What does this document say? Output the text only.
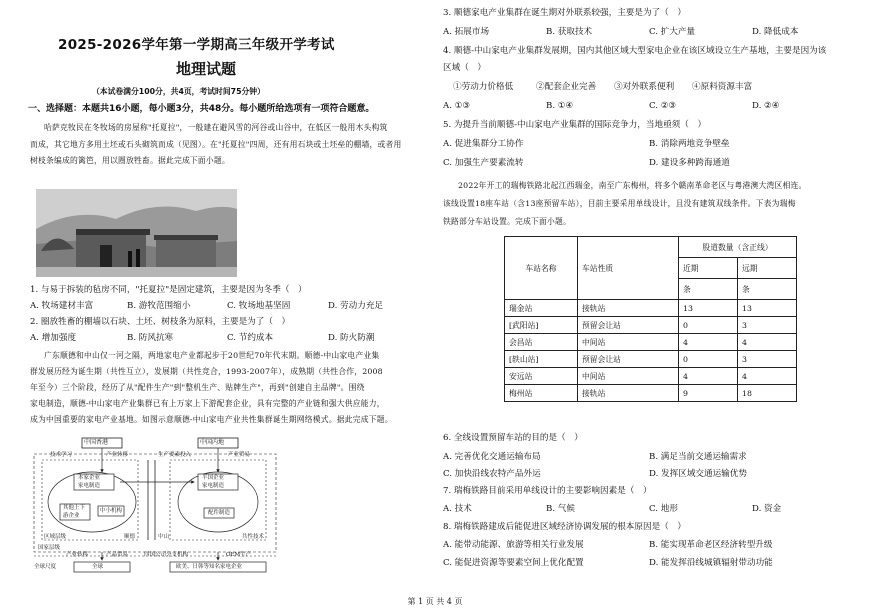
2025-2026学年第一学期高三年级开学考试
地理试题
（本试卷满分100分，共4页，考试时间75分钟）
一、选择题：本题共16小题，每小题3分，共48分。每小题所给选项有一项符合题意。
哈萨克牧民在冬牧场的房屋称"托夏拉"，一般建在避风雪的河谷或山谷中，在低区一般用木头构筑
而成，其它地方多用土坯或石头砌筑而成（见图）。在"托夏拉"四周，还有用石块或土坯垒的棚墙，或者用
树枝条编成的篱笆，用以圈放牲畜。据此完成下面小题。
1. 与易于拆装的毡房不同，"托夏拉"是固定建筑，主要是因为冬季（　）
A. 牧场建材丰富	B. 游牧范围缩小	C. 牧场地基坚固	D. 劳动力充足
2. 圈放牲畜的棚墙以石块、土坯、树枝条为原料，主要是为了（　）
A. 增加强度	B. 防风抗寒	C. 节约成本	D. 防火防潮
广东顺德和中山仅一河之隔，两地家电产业都起步于20世纪70年代末期。顺德-中山家电产业集
群发展历经为诞生期（共性互立），发展期（共性竞合，1993-2007年），成熟期（共性合作，2008
年至今）三个阶段，经历了从"配件生产"到"整机生产、贴牌生产"，再到"创建自主品牌"。围绕
家电制造，顺德-中山家电产业集群已有上万家上下游配套企业，具有完整的产业链和强大供应能力，
成为中国重要的家电产业基地。如图示意顺德-中山家电产业共性集群诞生期网络模式。据此完成下题。
中国香港	中国内地
技术学习	产业转移	生产要素投入	产业贸易
本家企业
家电制造
半国企业
家电制造
其他上下
游企业
中小机构	配件制造
区域层级	顺德	中山	共性技术
国家层级
产业转移	产品贸易	四国公司分支机构	OEM生产
全球尺度	全球	欧美、日韩等知名家电企业
3. 顺德家电产业集群在诞生期对外联系较强，主要是为了（　）
A. 拓展市场	B. 获取技术	C. 扩大产量	D. 降低成本
4. 顺德-中山家电产业集群发展期，国内其他区域大型家电企业在该区域设立生产基地，主要是因为该
区域（　）
①劳动力价格低	②配套企业完善 ③对外联系便利 ④原料资源丰富
A. ①③	B. ①④	C. ②③	D. ②④
5. 为提升当前顺德-中山家电产业集群的国际竞争力，当地亟须（　）
A. 促进集群分工协作	B. 消除两地竞争壁垒
C. 加强生产要素流转	D. 建设多种跨海通道
2022年开工的瑞梅铁路北起江西瑞金，南至广东梅州，将多个赣南革命老区与粤港澳大湾区相连。
该线设置18座车站（含13座预留车站），目前主要采用单线设计，且没有建筑双线条件。下表为瑞梅
铁路部分车站设置。完成下面小题。
车站名称	车站性质	股道数量（含正线）	
		近期	远期
		条	条
瑞金站	接轨站	13	13
[武阳站]	预留会让站	0	3
会昌站	中间站	4	4
[轶山站]	预留会让站	0	3
安远站	中间站	4	4
梅州站	接轨站	9	18
6. 全线设置预留车站的目的是（　）
A. 完善优化交通运输布局	B. 满足当前交通运输需求
C. 加快沿线农特产品外运	D. 发挥区域交通运输优势
7. 瑞梅铁路目前采用单线设计的主要影响因素是（　）
A. 技术	B. 气候	C. 地形	D. 资金
8. 瑞梅铁路建成后能促进区域经济协调发展的根本原因是（　）
A. 能带动能源、旅游等相关行业发展	B. 能实现革命老区经济转型升级
C. 能促进资源等要素空间上优化配置	D. 能发挥沿线城镇辐射带动功能
第 1 页 共 4 页
